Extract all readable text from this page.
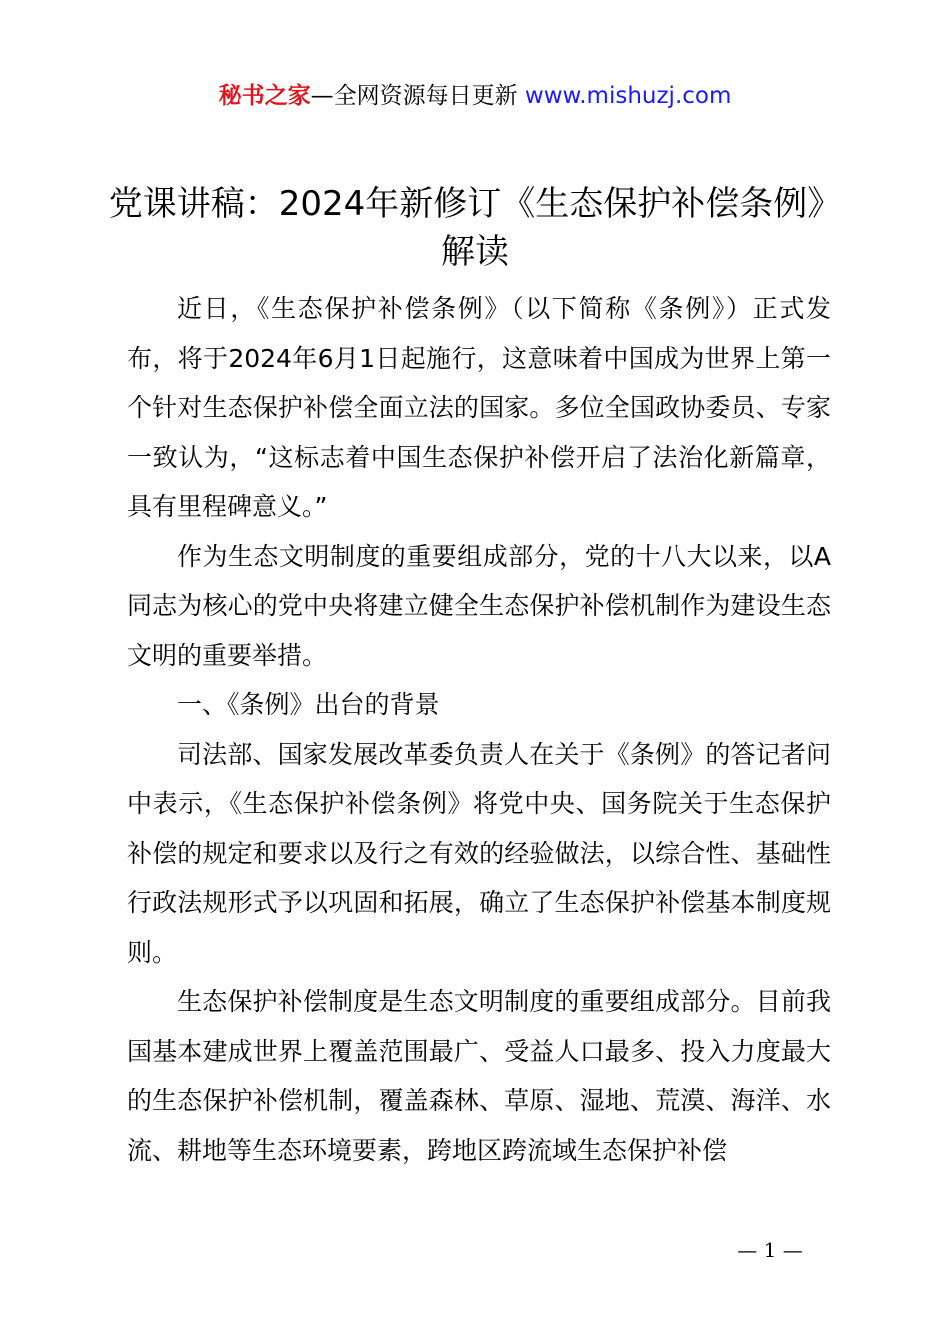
秘书之家—全网资源每日更新 www.mishuzj.com
党课讲稿：2024年新修订《生态保护补偿条例》解读

近日，《生态保护补偿条例》（以下简称《条例》）正式发布，将于2024年6月1日起施行，这意味着中国成为世界上第一个针对生态保护补偿全面立法的国家。多位全国政协委员、专家一致认为，“这标志着中国生态保护补偿开启了法治化新篇章，具有里程碑意义。”

作为生态文明制度的重要组成部分，党的十八大以来，以A同志为核心的党中央将建立健全生态保护补偿机制作为建设生态文明的重要举措。

一、《条例》出台的背景

司法部、国家发展改革委负责人在关于《条例》的答记者问中表示，《生态保护补偿条例》将党中央、国务院关于生态保护补偿的规定和要求以及行之有效的经验做法，以综合性、基础性行政法规形式予以巩固和拓展，确立了生态保护补偿基本制度规则。

生态保护补偿制度是生态文明制度的重要组成部分。目前我国基本建成世界上覆盖范围最广、受益人口最多、投入力度最大的生态保护补偿机制，覆盖森林、草原、湿地、荒漠、海洋、水流、耕地等生态环境要素，跨地区跨流域生态保护补偿

— 1 —
